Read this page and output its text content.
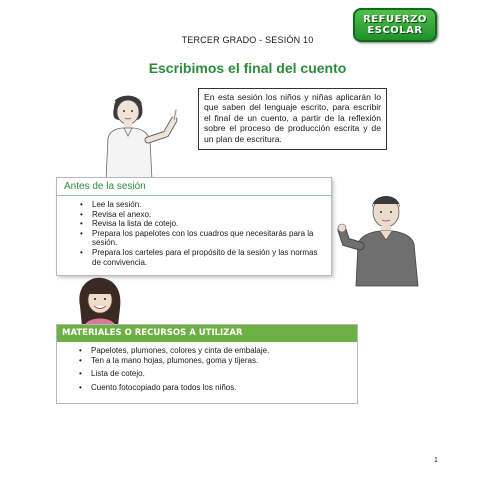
REFUERZO
ESCOLAR
TERCER GRADO - SESIÓN 10
Escribimos el final del cuento
En esta sesión los niños y niñas aplicarán lo que saben del lenguaje escrito, para escribir el final de un cuento, a partir de la reflexión sobre el proceso de producción escrita y de un plan de escritura.
Antes de la sesión
• Lee la sesión.
• Revisa el anexo.
• Revisa la lista de cotejo.
• Prepara los papelotes con los cuadros que necesitarás para la sesión.
• Prepara los carteles para el propósito de la sesión y las normas de convivencia.
MATERIALES O RECURSOS A UTILIZAR
• Papelotes, plumones, colores y cinta de embalaje.
• Ten a la mano hojas, plumones, goma y tijeras.
• Lista de cotejo.
• Cuento fotocopiado para todos los niños.
1
